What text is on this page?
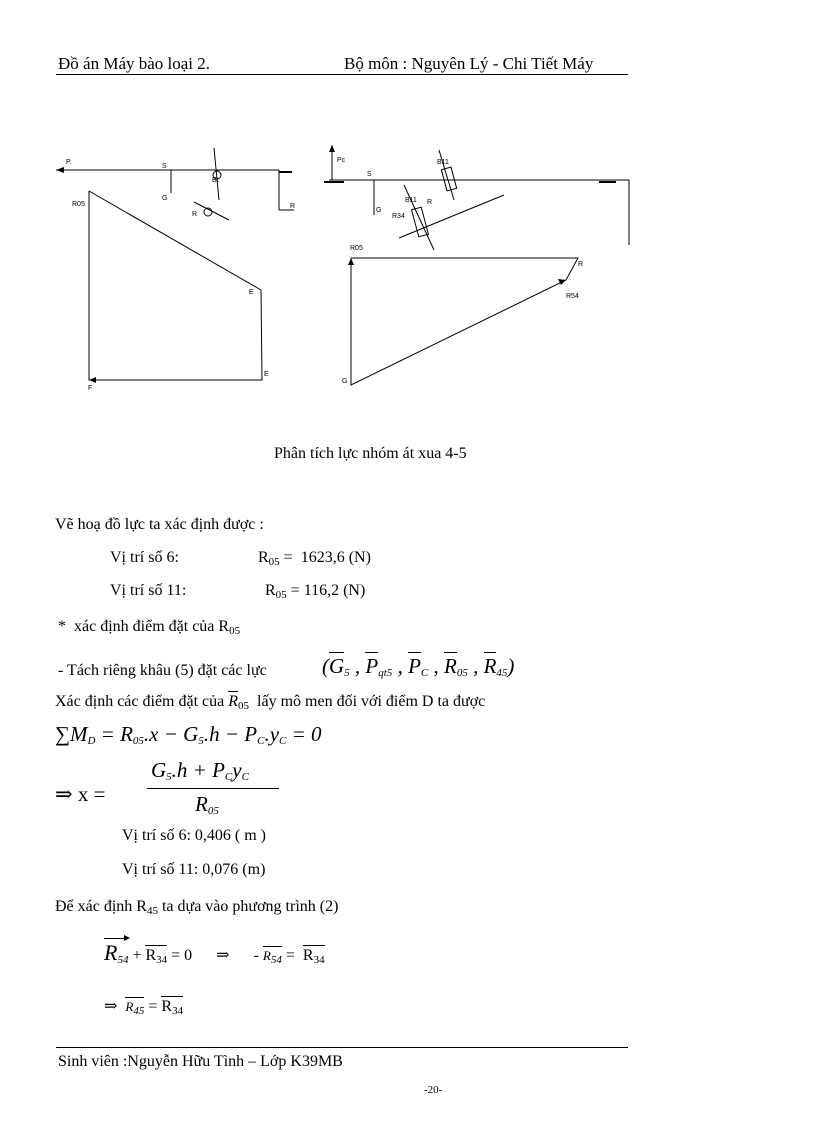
Đồ án Máy bào loại 2.	Bộ môn : Nguyên Lý - Chi Tiết Máy
P.
S
G
R05
Bt
R
E
E
F
R
Pc
S
G
B11
B11
R34
R
R05
R
R54
G
Phân tích lực nhóm át xua 4-5
Vẽ hoạ đồ lực ta xác định được :
Vị trí số 6:	$R_{05} = 1623,6$ (N)
Vị trí số 11:	$R_{05} = 116,2$ (N)
*  xác định điểm đặt của $R_{05}$
- Tách riêng khâu (5) đặt các lực	($G_5$ , $P_{qt5}$ , $P_C$ , $R_{05}$ , $R_{45}$)
Xác định các điểm đặt của $R_{05}$  lấy mô men đối với điểm D ta được
$\sum M_D = R_{05}.x - G_5.h - P_C.y_C = 0$
⇒ x =
$G_5.h + P_Cy_C$
$R_{05}$
Vị trí số 6: 0,406 ( m )
Vị trí số 11: 0,076 (m)
Để xác định $R_{45}$ ta dựa vào phương trình (2)
$R_{54} + R_{34} = 0$      ⇒      - $R_{54} = R_{34}$
⇒  $R_{45} = R_{34}$
Sinh viên :Nguyễn Hữu Tình – Lớp K39MB
-20-
